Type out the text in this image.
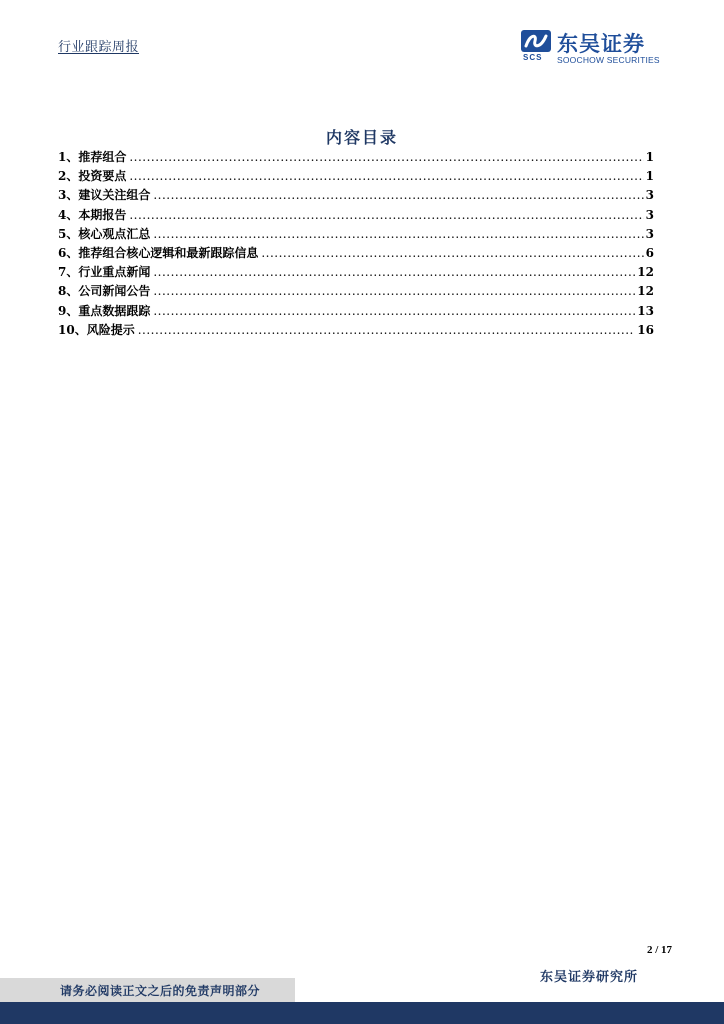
行业跟踪周报
SCS
东吴证券
SOOCHOW SECURITIES
内容目录
1、推荐组合 .....	1
2、投资要点 .....	1
3、建议关注组合 .....	3
4、本期报告 .....	3
5、核心观点汇总 .....	3
6、推荐组合核心逻辑和最新跟踪信息 .....	6
7、行业重点新闻 .....	12
8、公司新闻公告 .....	12
9、重点数据跟踪 .....	13
10、风险提示 .....	16
2 / 17
东吴证券研究所
请务必阅读正文之后的免责声明部分
